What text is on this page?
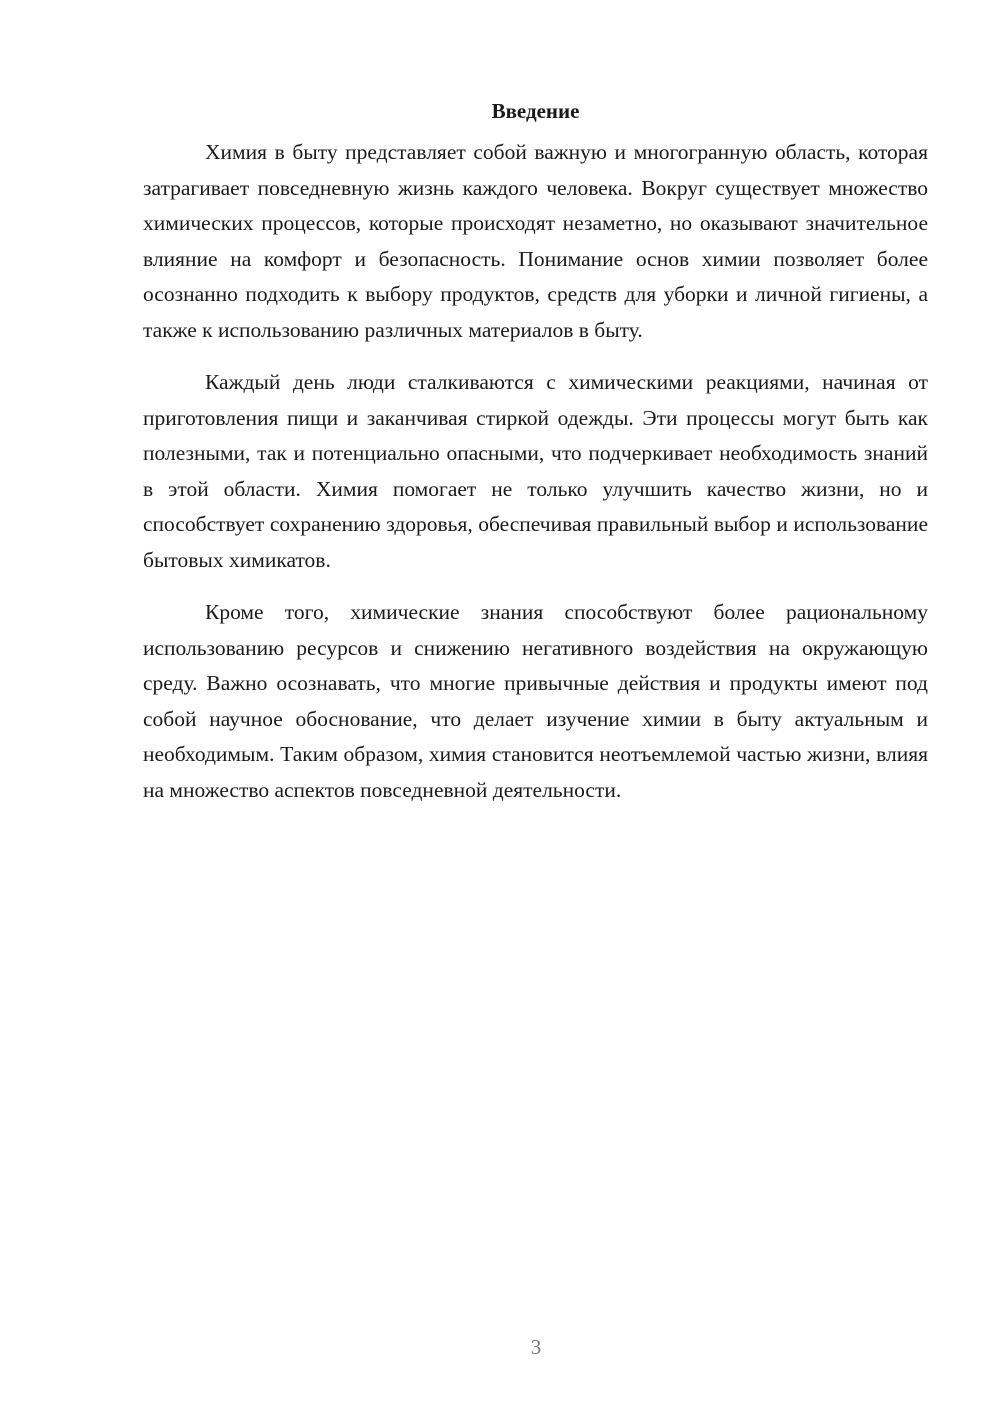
Введение

Химия в быту представляет собой важную и многогранную область, которая затрагивает повседневную жизнь каждого человека. Вокруг существует множество химических процессов, которые происходят незаметно, но оказывают значительное влияние на комфорт и безопасность. Понимание основ химии позволяет более осознанно подходить к выбору продуктов, средств для уборки и личной гигиены, а также к использованию различных материалов в быту.

Каждый день люди сталкиваются с химическими реакциями, начиная от приготовления пищи и заканчивая стиркой одежды. Эти процессы могут быть как полезными, так и потенциально опасными, что подчеркивает необходимость знаний в этой области. Химия помогает не только улучшить качество жизни, но и способствует сохранению здоровья, обеспечивая правильный выбор и использование бытовых химикатов.

Кроме того, химические знания способствуют более рациональному использованию ресурсов и снижению негативного воздействия на окружающую среду. Важно осознавать, что многие привычные действия и продукты имеют под собой научное обоснование, что делает изучение химии в быту актуальным и необходимым. Таким образом, химия становится неотъемлемой частью жизни, влияя на множество аспектов повседневной деятельности.

3
